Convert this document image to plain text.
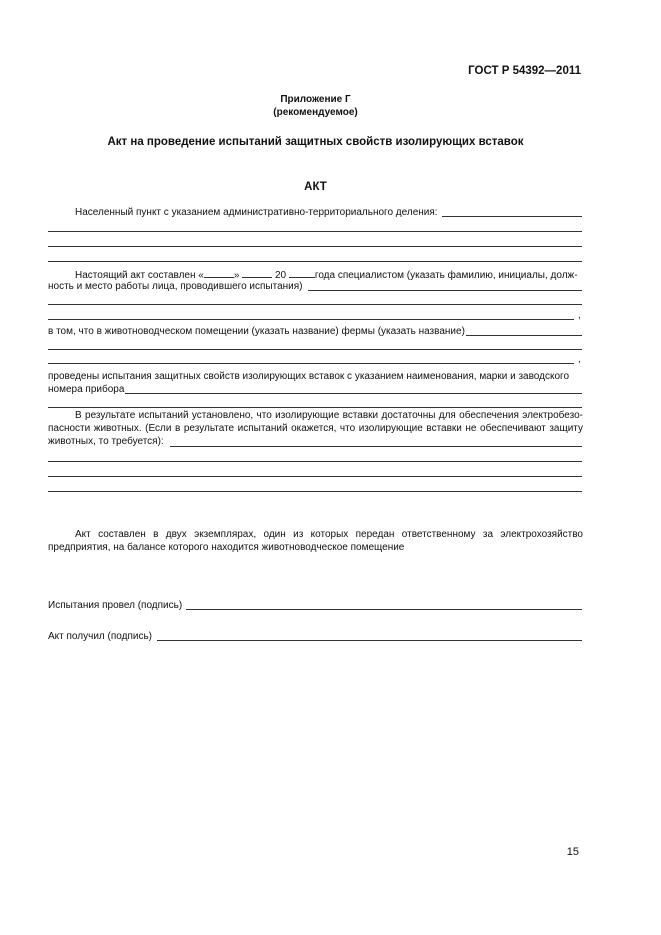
ГОСТ Р 54392—2011
Приложение Г
(рекомендуемое)
Акт на проведение испытаний защитных свойств изолирующих вставок
АКТ
Населенный пункт с указанием административно-территориального деления:
Настоящий акт составлен «	»	20	года специалистом (указать фамилию, инициалы, долж-
ность и место работы лица, проводившего испытания)
,
в том, что в животноводческом помещении (указать название) фермы (указать название)
,
проведены испытания защитных свойств изолирующих вставок с указанием наименования, марки и заводского
номера прибора
В результате испытаний установлено, что изолирующие вставки достаточны для обеспечения электробезо- пасности животных. (Если в результате испытаний окажется, что изолирующие вставки не обеспечивают защиту животных, то требуется):
Акт составлен в двух экземплярах, один из которых передан ответственному за электрохозяйство предприятия, на балансе которого находится животноводческое помещение
Испытания провел (подпись)
Акт получил (подпись)
15
